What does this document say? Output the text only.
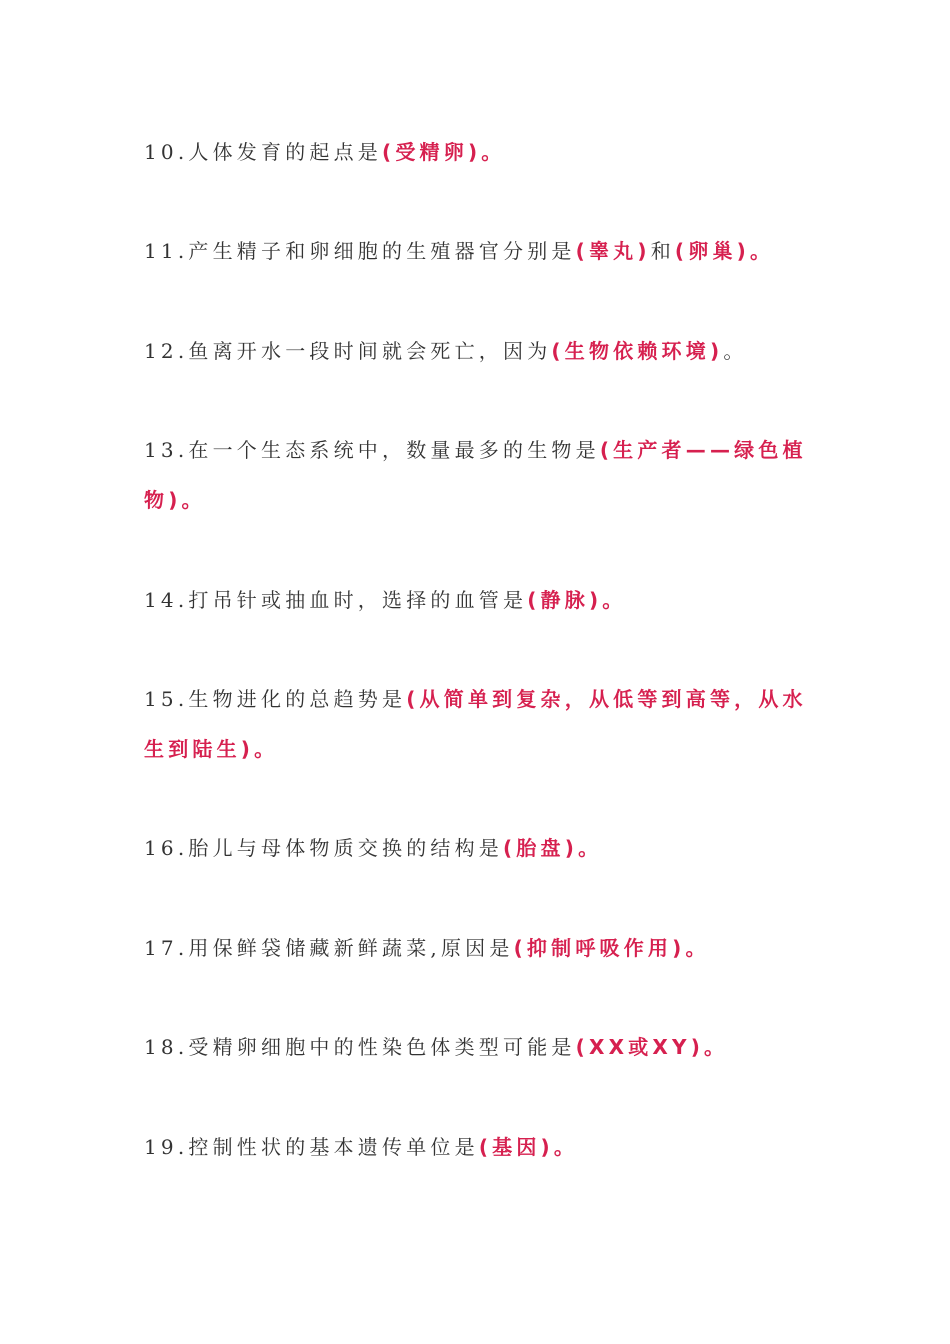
10.人体发育的起点是(受精卵)。
11.产生精子和卵细胞的生殖器官分别是(睾丸)和(卵巢)。
12.鱼离开水一段时间就会死亡，因为(生物依赖环境)。
13.在一个生态系统中，数量最多的生物是(生产者——绿色植物)。
14.打吊针或抽血时，选择的血管是(静脉)。
15.生物进化的总趋势是(从简单到复杂，从低等到高等，从水生到陆生)。
16.胎儿与母体物质交换的结构是(胎盘)。
17.用保鲜袋储藏新鲜蔬菜,原因是(抑制呼吸作用)。
18.受精卵细胞中的性染色体类型可能是(XX或XY)。
19.控制性状的基本遗传单位是(基因)。
